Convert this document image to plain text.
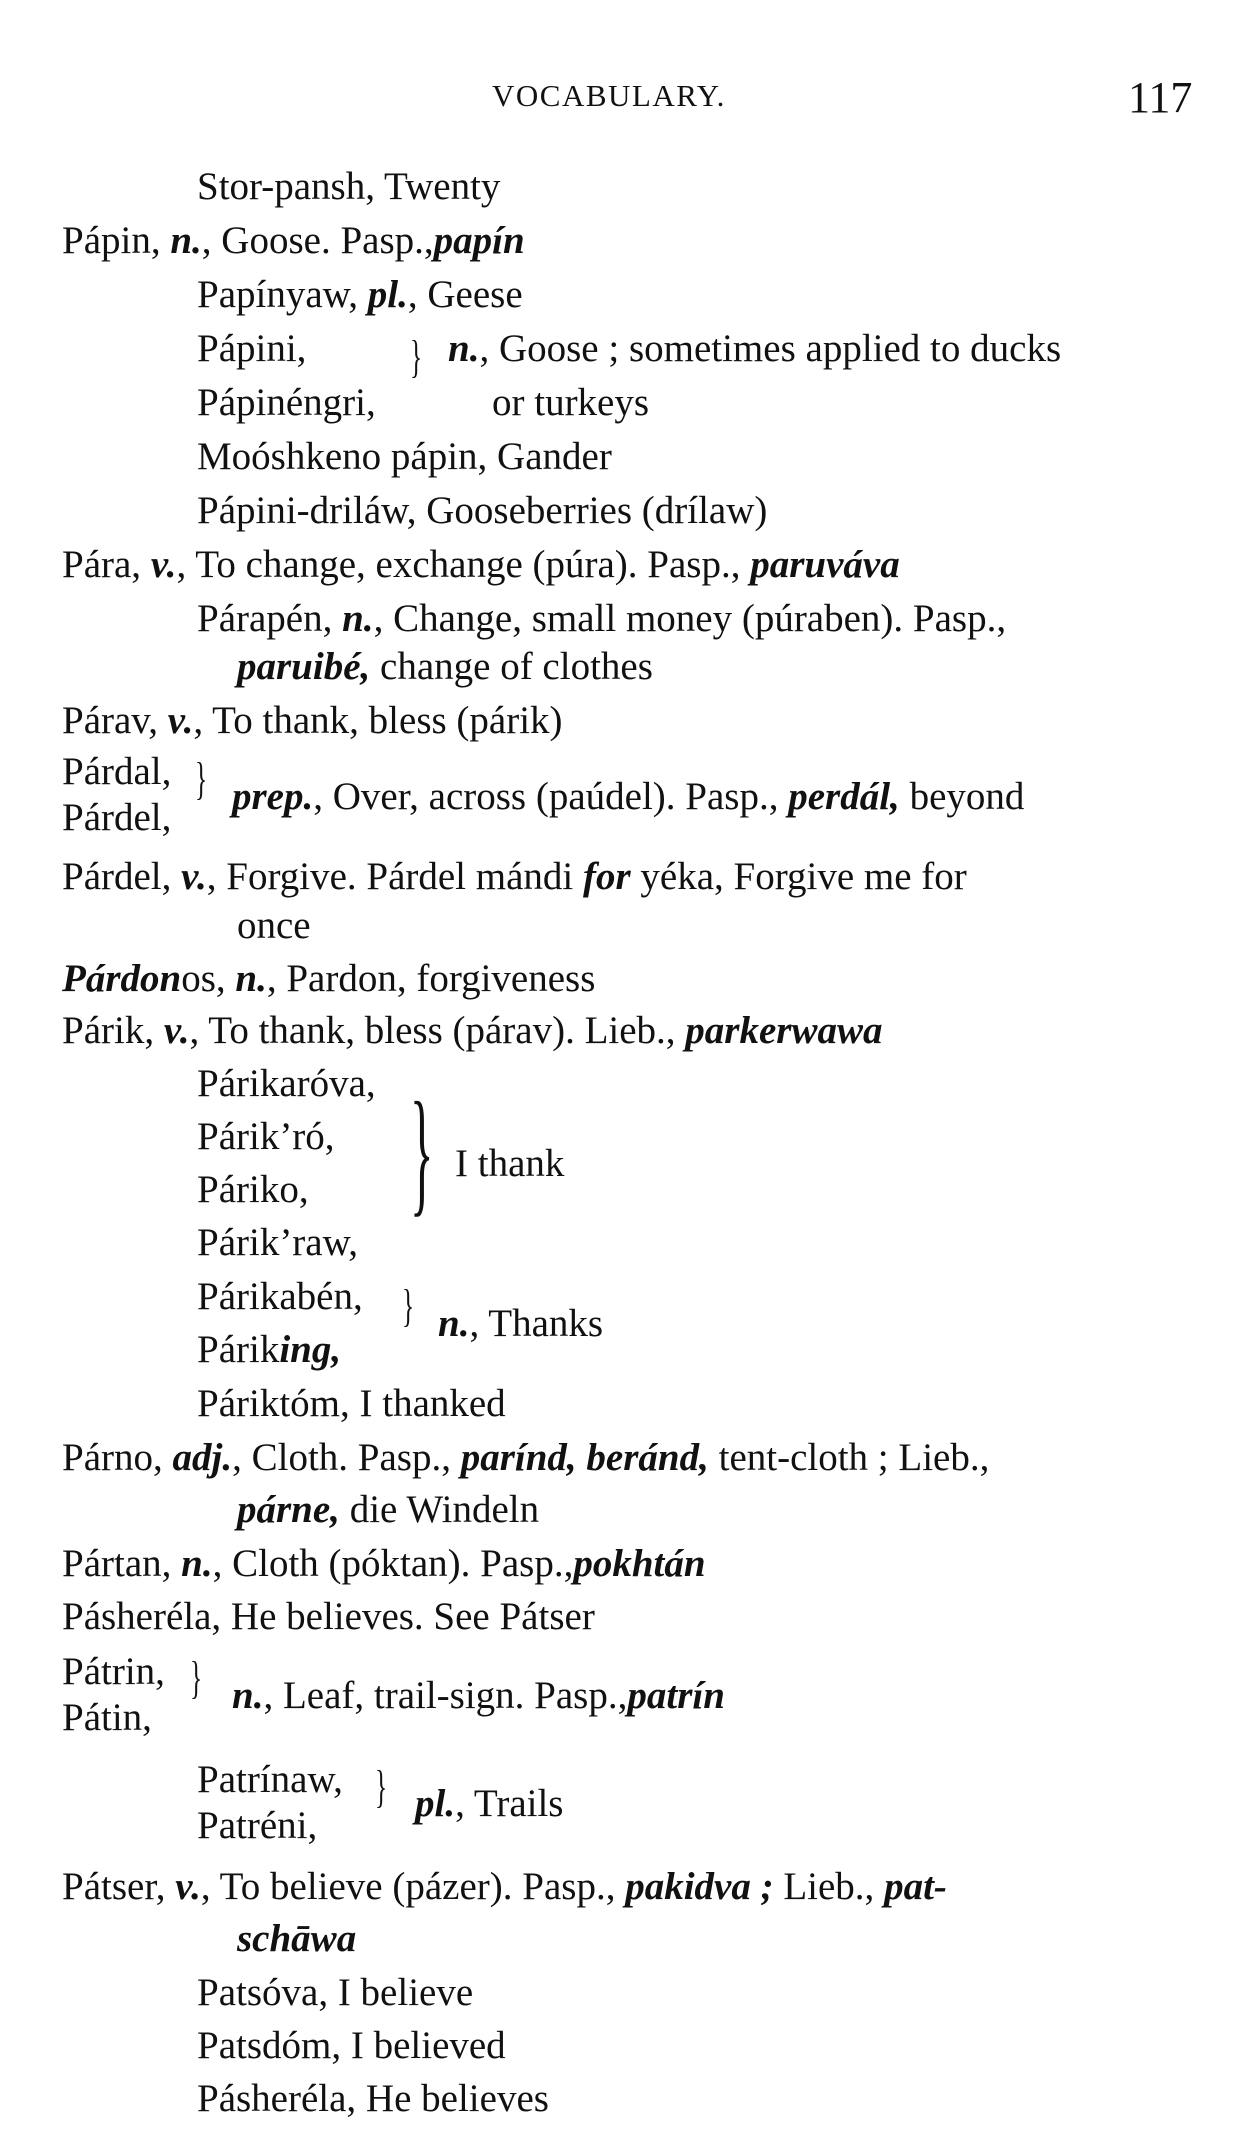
VOCABULARY.	117
Stor-pansh, Twenty
Pápin, n., Goose. Pasp.,papín
Papínyaw, pl., Geese
Pápini,
Pápinéngri,
} n., Goose ; sometimes applied to ducks
or turkeys
Moóshkeno pápin, Gander
Pápini-driláw, Gooseberries (drílaw)
Pára, v., To change, exchange (púra). Pasp., paruváva
Párapén, n., Change, small money (púraben). Pasp.,
paruibé, change of clothes
Párav, v., To thank, bless (párik)
Párdal,
Párdel,
} prep., Over, across (paúdel). Pasp., perdál, beyond
Párdel, v., Forgive. Párdel mándi for yéka, Forgive me for
once
Párdonos, n., Pardon, forgiveness
Párik, v., To thank, bless (párav). Lieb., parkerwawa
Párikaróva,
Párik’ró,
Páriko,
Párik’raw,
} I thank
Párikabén,
Páriking,
} n., Thanks
Páriktóm, I thanked
Párno, adj., Cloth. Pasp., parínd, beránd, tent-cloth ; Lieb.,
párne, die Windeln
Pártan, n., Cloth (póktan). Pasp.,pokhtán
Páshеréla, He believes. See Pátser
Pátrin,
Pátin,
} n., Leaf, trail-sign. Pasp.,patrín
Patrínaw,
Patréni,
} pl., Trails
Pátser, v., To believe (pázer). Pasp., pakidva ; Lieb., pat-
schāwa
Patsóva, I believe
Patsdóm, I believed
Páshеréla, He believes
